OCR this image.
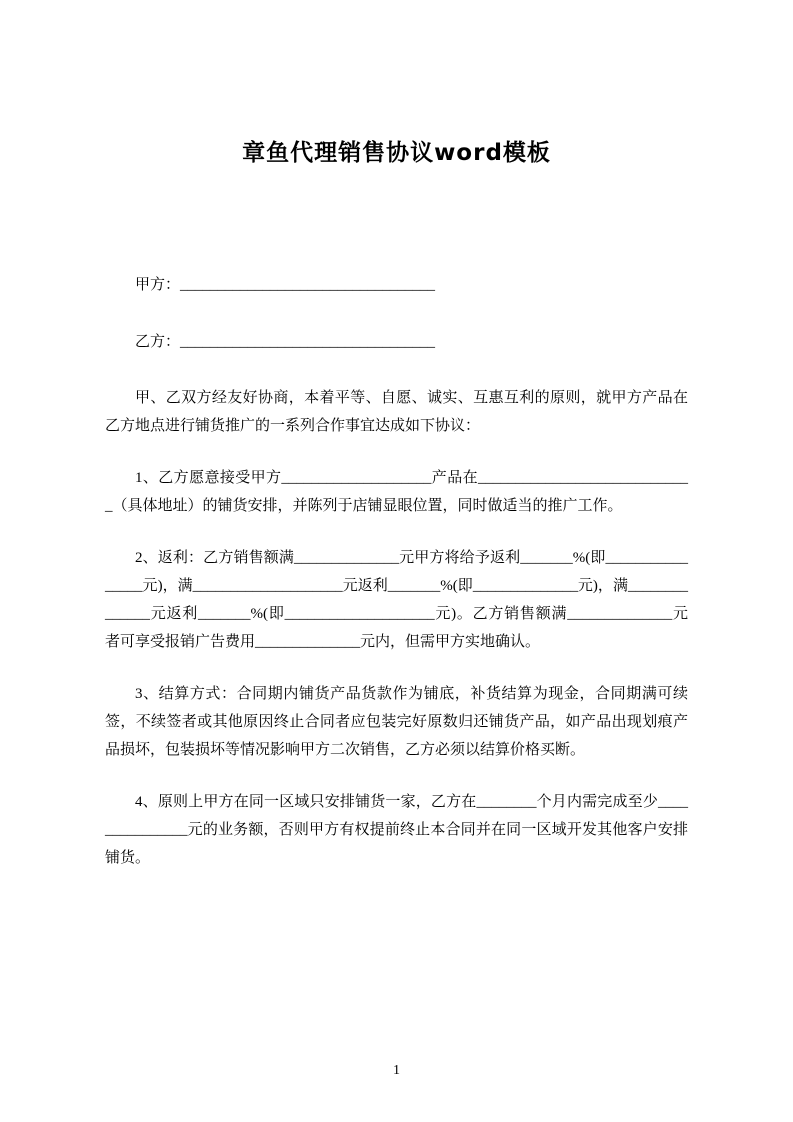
章鱼代理销售协议word模板
甲方：__________________________________
乙方：__________________________________

甲、乙双方经友好协商，本着平等、自愿、诚实、互惠互利的原则，就甲方产品在乙方地点进行铺货推广的一系列合作事宜达成如下协议：

1、乙方愿意接受甲方____________________产品在_____________________________（具体地址）的铺货安排，并陈列于店铺显眼位置，同时做适当的推广工作。

2、返利：乙方销售额满______________元甲方将给予返利_______%(即________________元)，满____________________元返利_______%(即______________元)，满______________元返利_______%(即____________________元)。乙方销售额满______________元者可享受报销广告费用______________元内，但需甲方实地确认。

3、结算方式：合同期内铺货产品货款作为铺底，补货结算为现金，合同期满可续签，不续签者或其他原因终止合同者应包装完好原数归还铺货产品，如产品出现划痕产品损坏，包装损坏等情况影响甲方二次销售，乙方必须以结算价格买断。

4、原则上甲方在同一区域只安排铺货一家，乙方在________个月内需完成至少_______________元的业务额，否则甲方有权提前终止本合同并在同一区域开发其他客户安排铺货。

1
